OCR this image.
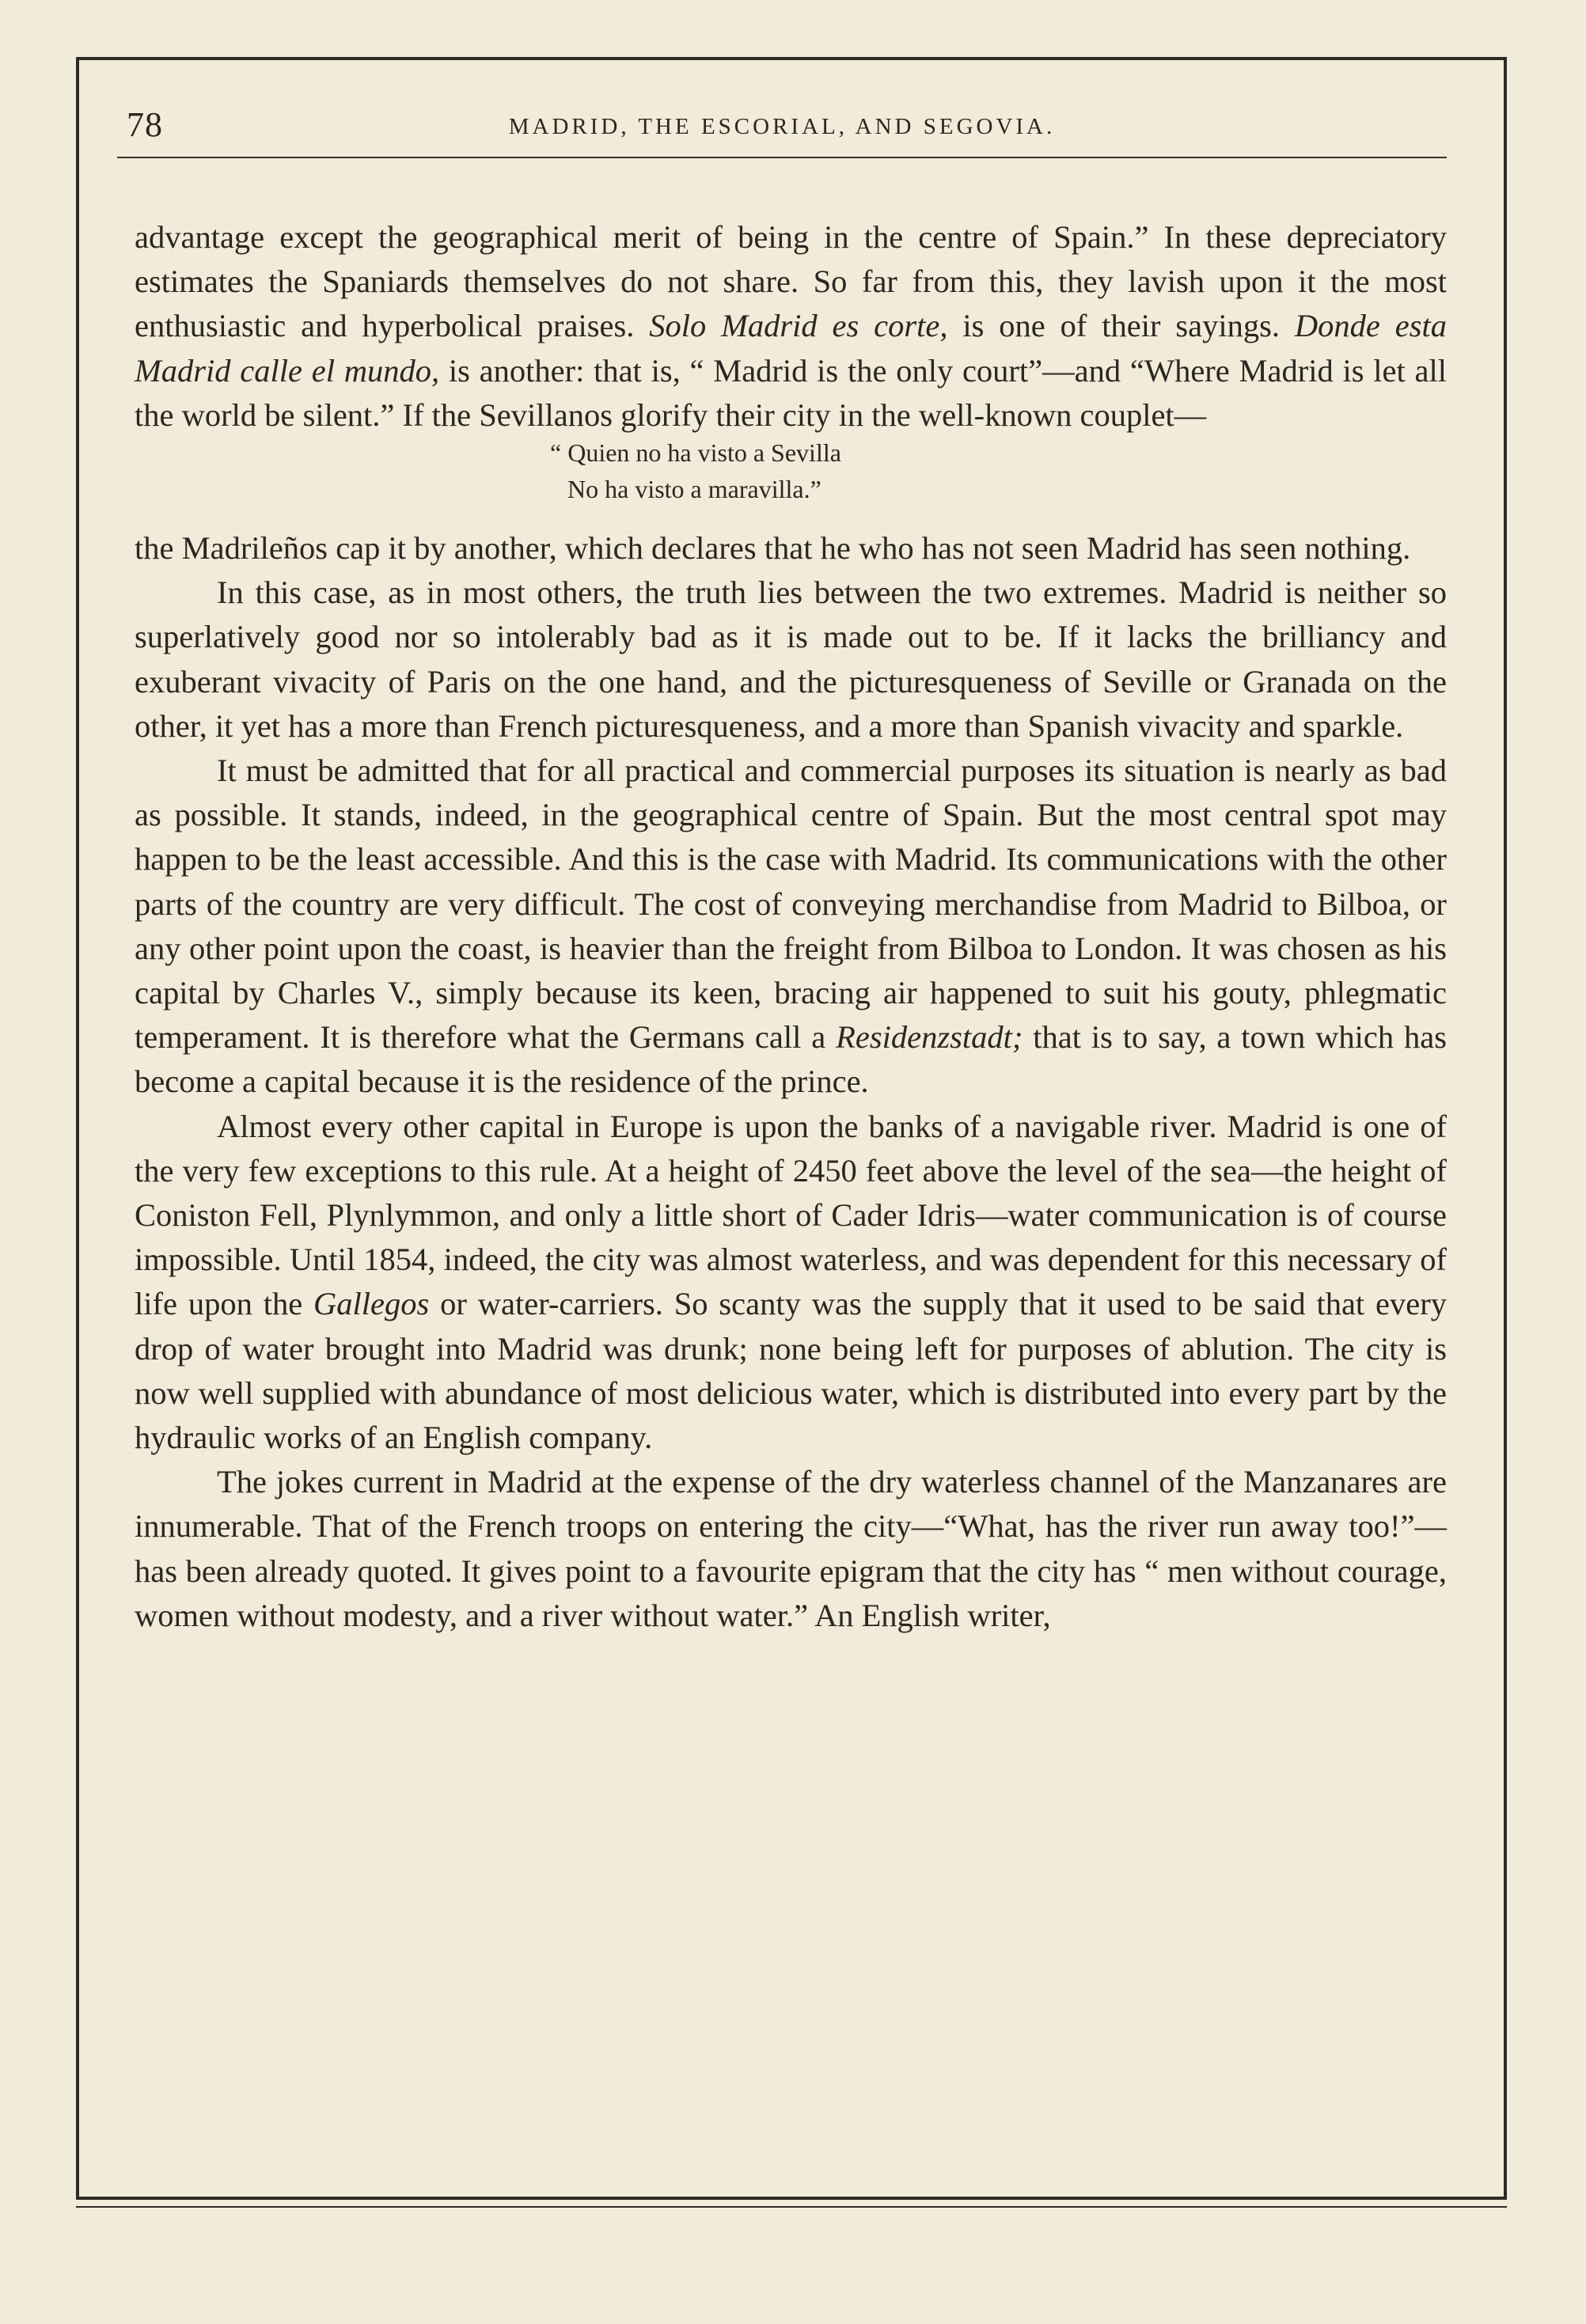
78	MADRID, THE ESCORIAL, AND SEGOVIA.

advantage except the geographical merit of being in the centre of Spain.” In these depreciatory estimates the Spaniards themselves do not share. So far from this, they lavish upon it the most enthusiastic and hyperbolical praises. Solo Madrid es corte, is one of their sayings. Donde esta Madrid calle el mundo, is another: that is, “ Madrid is the only court”—and “Where Madrid is let all the world be silent.” If the Sevillanos glorify their city in the well-known couplet—

“ Quien no ha visto a Sevilla
No ha visto a maravilla.”

the Madrileños cap it by another, which declares that he who has not seen Madrid has seen nothing.

In this case, as in most others, the truth lies between the two extremes. Madrid is neither so superlatively good nor so intolerably bad as it is made out to be. If it lacks the brilliancy and exuberant vivacity of Paris on the one hand, and the picturesqueness of Seville or Granada on the other, it yet has a more than French picturesqueness, and a more than Spanish vivacity and sparkle.

It must be admitted that for all practical and commercial purposes its situation is nearly as bad as possible. It stands, indeed, in the geographical centre of Spain. But the most central spot may happen to be the least accessible. And this is the case with Madrid. Its communications with the other parts of the country are very difficult. The cost of conveying merchandise from Madrid to Bilboa, or any other point upon the coast, is heavier than the freight from Bilboa to London. It was chosen as his capital by Charles V., simply because its keen, bracing air happened to suit his gouty, phlegmatic temperament. It is therefore what the Germans call a Residenzstadt; that is to say, a town which has become a capital because it is the residence of the prince.

Almost every other capital in Europe is upon the banks of a navigable river. Madrid is one of the very few exceptions to this rule. At a height of 2450 feet above the level of the sea—the height of Coniston Fell, Plynlymmon, and only a little short of Cader Idris—water communication is of course impossible. Until 1854, indeed, the city was almost waterless, and was dependent for this necessary of life upon the Gallegos or water-carriers. So scanty was the supply that it used to be said that every drop of water brought into Madrid was drunk; none being left for purposes of ablution. The city is now well supplied with abundance of most delicious water, which is distributed into every part by the hydraulic works of an English company.

The jokes current in Madrid at the expense of the dry waterless channel of the Manzanares are innumerable. That of the French troops on entering the city—“What, has the river run away too!”—has been already quoted. It gives point to a favourite epigram that the city has “ men without courage, women without modesty, and a river without water.” An English writer,
